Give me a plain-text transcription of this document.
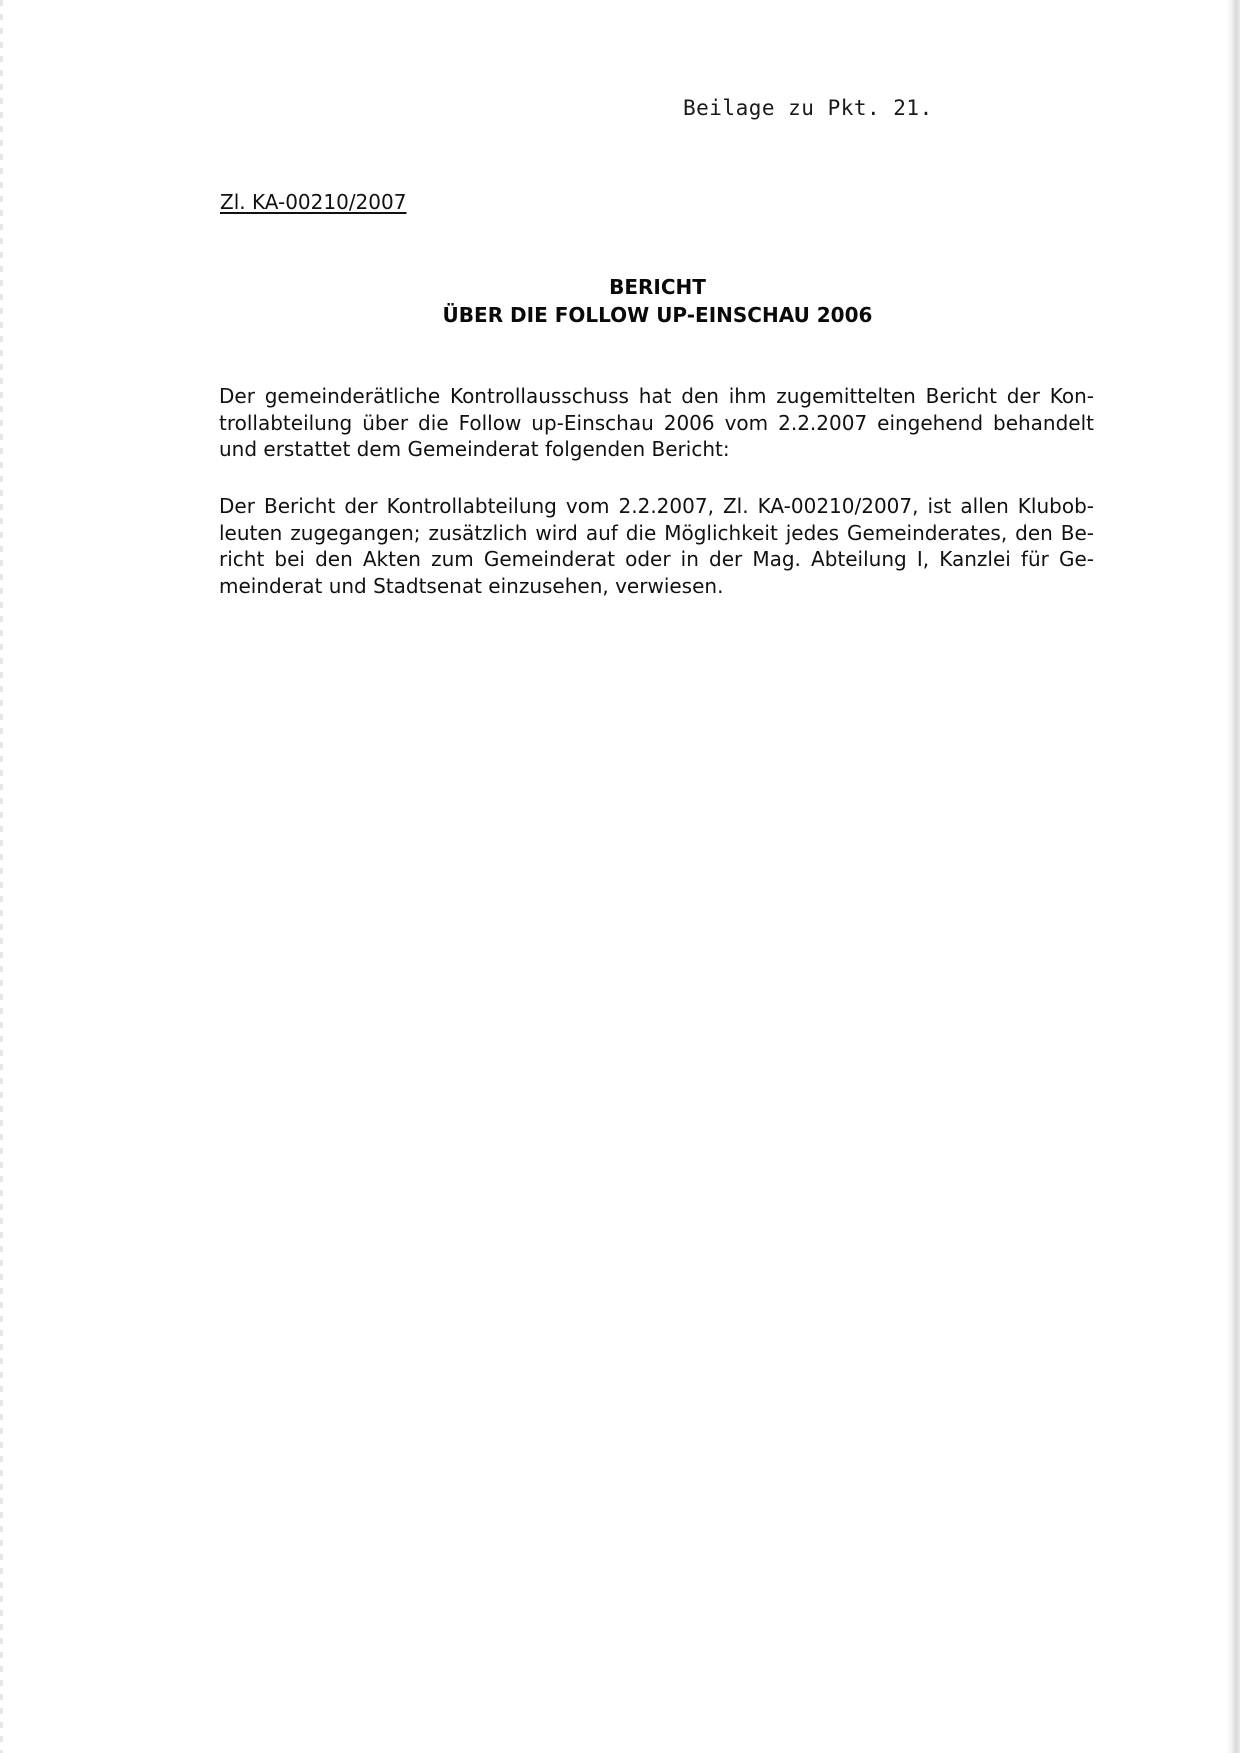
Beilage zu Pkt. 21.
Zl. KA-00210/2007
BERICHT
ÜBER DIE FOLLOW UP-EINSCHAU 2006
Der gemeinderätliche Kontrollausschuss hat den ihm zugemittelten Bericht der Kon-
trollabteilung über die Follow up-Einschau 2006 vom 2.2.2007 eingehend behandelt
und erstattet dem Gemeinderat folgenden Bericht:
Der Bericht der Kontrollabteilung vom 2.2.2007, Zl. KA-00210/2007, ist allen Klubob-
leuten zugegangen; zusätzlich wird auf die Möglichkeit jedes Gemeinderates, den Be-
richt bei den Akten zum Gemeinderat oder in der Mag. Abteilung I, Kanzlei für Ge-
meinderat und Stadtsenat einzusehen, verwiesen.
